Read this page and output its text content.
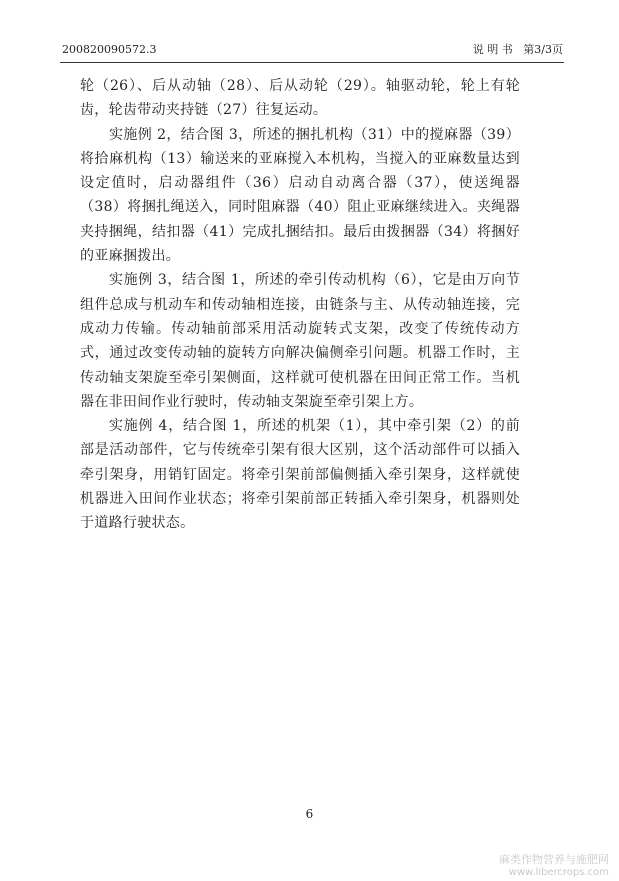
200820090572.3	说 明 书 第3/3页

轮（26）、后从动轴（28）、后从动轮（29）。轴驱动轮，轮上有轮齿，轮齿带动夹持链（27）往复运动。

实施例 2，结合图 3，所述的捆扎机构（31）中的搅麻器（39）将拾麻机构（13）输送来的亚麻搅入本机构，当搅入的亚麻数量达到设定值时，启动器组件（36）启动自动离合器（37），使送绳器（38）将捆扎绳送入，同时阻麻器（40）阻止亚麻继续进入。夹绳器夹持捆绳，结扣器（41）完成扎捆结扣。最后由拨捆器（34）将捆好的亚麻捆拨出。

实施例 3，结合图 1，所述的牵引传动机构（6），它是由万向节组件总成与机动车和传动轴相连接，由链条与主、从传动轴连接，完成动力传输。传动轴前部采用活动旋转式支架，改变了传统传动方式，通过改变传动轴的旋转方向解决偏侧牵引问题。机器工作时，主传动轴支架旋至牵引架侧面，这样就可使机器在田间正常工作。当机器在非田间作业行驶时，传动轴支架旋至牵引架上方。

实施例 4，结合图 1，所述的机架（1），其中牵引架（2）的前部是活动部件，它与传统牵引架有很大区别，这个活动部件可以插入牵引架身，用销钉固定。将牵引架前部偏侧插入牵引架身，这样就使机器进入田间作业状态；将牵引架前部正转插入牵引架身，机器则处于道路行驶状态。

6
麻类作物营养与施肥网
www.libercrops.com
